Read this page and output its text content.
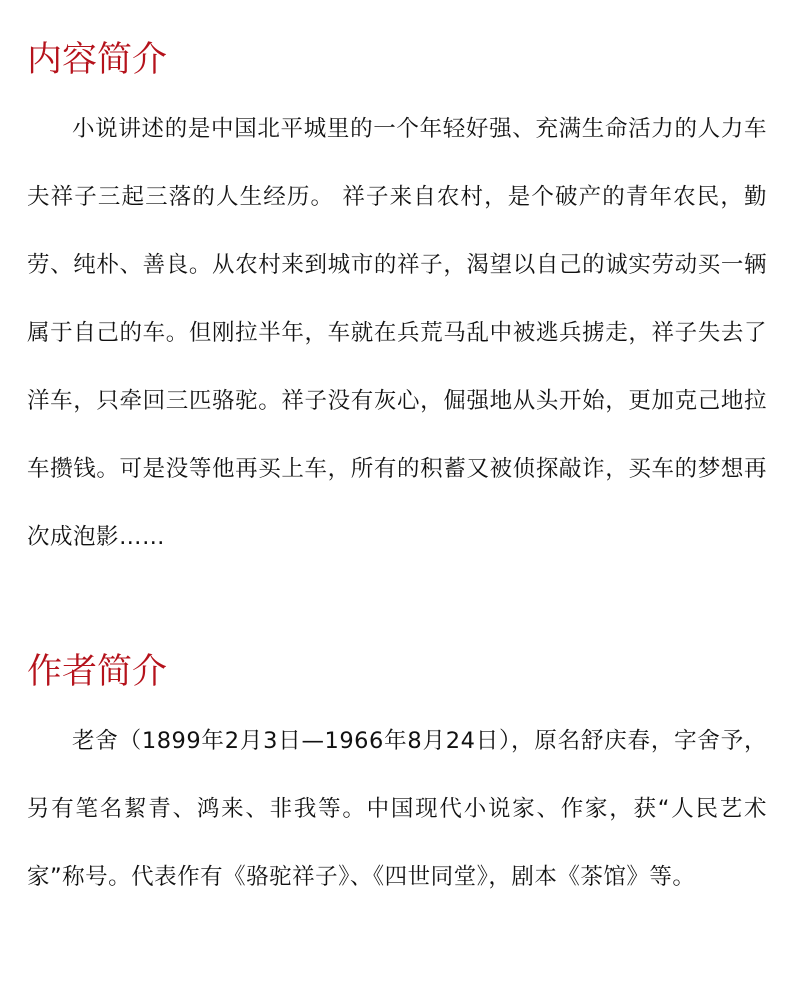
内容简介

小说讲述的是中国北平城里的一个年轻好强、充满生命活力的人力车夫祥子三起三落的人生经历。 祥子来自农村，是个破产的青年农民，勤劳、纯朴、善良。从农村来到城市的祥子，渴望以自己的诚实劳动买一辆属于自己的车。但刚拉半年，车就在兵荒马乱中被逃兵掳走，祥子失去了洋车，只牵回三匹骆驼。祥子没有灰心，倔强地从头开始，更加克己地拉车攒钱。可是没等他再买上车，所有的积蓄又被侦探敲诈，买车的梦想再次成泡影……

作者简介

老舍（1899年2月3日—1966年8月24日），原名舒庆春，字舍予，另有笔名絜青、鸿来、非我等。中国现代小说家、作家，获“人民艺术家”称号。代表作有《骆驼祥子》、《四世同堂》，剧本《茶馆》等。
